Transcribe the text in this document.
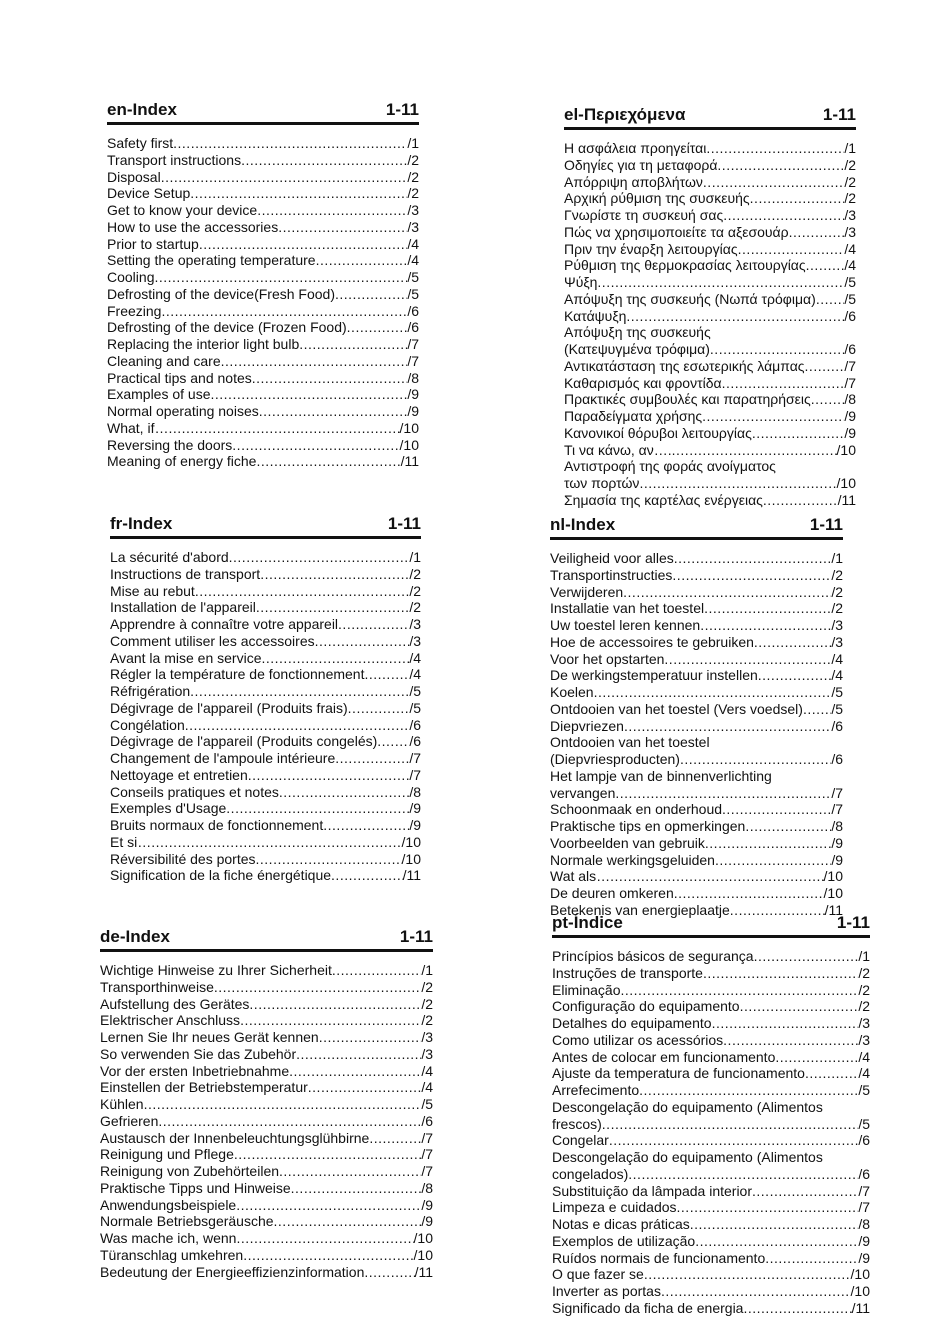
en-Index	1-11
Safety first .....	/1
Transport instructions .....	/2
Disposal .....	/2
Device Setup .....	/2
Get to know your device .....	/3
How to use the accessories .....	/3
Prior to startup .....	/4
Setting the operating temperature .....	/4
Cooling .....	/5
Defrosting of the device(Fresh Food) .....	/5
Freezing .....	/6
Defrosting of the device (Frozen Food) .....	/6
Replacing the interior light bulb .....	/7
Cleaning and care .....	/7
Practical tips and notes .....	/8
Examples of use .....	/9
Normal operating noises .....	/9
What, if… .....	/10
Reversing the doors .....	/10
Meaning of energy fiche .....	/11
el-Περιεχόμενα	1-11
Η ασφάλεια προηγείται .....	/1
Οδηγίες για τη μεταφορά .....	/2
Απόρριψη αποβλήτων .....	/2
Αρχική ρύθμιση της συσκευής .....	/2
Γνωρίστε τη συσκευή σας .....	/3
Πώς να χρησιμοποιείτε τα αξεσουάρ .....	/3
Πριν την έναρξη λειτουργίας .....	/4
Ρύθμιση της θερμοκρασίας λειτουργίας .....	/4
Ψύξη .....	/5
Απόψυξη της συσκευής (Νωπά τρόφιμα) ..... /5
Κατάψυξη .....	/6
Απόψυξη της συσκευής
(Κατεψυγμένα τρόφιμα) .....	/6
Αντικατάσταση της εσωτερικής λάμπας .....	/7
Καθαρισμός και φροντίδα .....	/7
Πρακτικές συμβουλές και παρατηρήσεις ..... /8
Παραδείγματα χρήσης .....	/9
Κανονικοί θόρυβοι λειτουργίας .....	/9
Τι να κάνω, αν…. .....	/10
Αντιστροφή της φοράς ανοίγματος
των πορτών .....	/10
Σημασία της καρτέλας ενέργειας .....	/11
fr-Index	1-11
La sécurité d'abord .....	/1
Instructions de transport .....	/2
Mise au rebut .....	/2
Installation de l'appareil .....	/2
Apprendre à connaître votre appareil .....	/3
Comment utiliser les accessoires .....	/3
Avant la mise en service .....	/4
Régler la température de fonctionnement .....	/4
Réfrigération .....	/5
Dégivrage de l'appareil (Produits frais) .....	/5
Congélation .....	/6
Dégivrage de l'appareil (Produits congelés) ..... /6
Changement de l'ampoule intérieure .....	/7
Nettoyage et entretien .....	/7
Conseils pratiques et notes .....	/8
Exemples d'Usage .....	/9
Bruits normaux de fonctionnement .....	/9
Et si… .....	/10
Réversibilité des portes .....	/10
Signification de la fiche énergétique .....	/11
nl-Index	1-11
Veiligheid voor alles .....	/1
Transportinstructies .....	/2
Verwijderen .....	/2
Installatie van het toestel .....	/2
Uw toestel leren kennen .....	/3
Hoe de accessoires te gebruiken .....	/3
Voor het opstarten .....	/4
De werkingstemperatuur instellen .....	/4
Koelen .....	/5
Ontdooien van het toestel (Vers voedsel) ..... /5
Diepvriezen .....	/6
Ontdooien van het toestel
(Diepvriesproducten) .....	/6
Het lampje van de binnenverlichting
vervangen .....	/7
Schoonmaak en onderhoud .....	/7
Praktische tips en opmerkingen .....	/8
Voorbeelden van gebruik .....	/9
Normale werkingsgeluiden .....	/9
Wat als… .....	/10
De deuren omkeren .....	/10
Betekenis van energieplaatje .....	/11
de-Index	1-11
Wichtige Hinweise zu Ihrer Sicherheit .....	/1
Transporthinweise .....	/2
Aufstellung des Gerätes .....	/2
Elektrischer Anschluss .....	/2
Lernen Sie Ihr neues Gerät kennen .....	/3
So verwenden Sie das Zubehör .....	/3
Vor der ersten Inbetriebnahme .....	/4
Einstellen der Betriebstemperatur .....	/4
Kühlen .....	/5
Gefrieren .....	/6
Austausch der Innenbeleuchtungsglühbirne .....	/7
Reinigung und Pflege .....	/7
Reinigung von Zubehörteilen .....	/7
Praktische Tipps und Hinweise .....	/8
Anwendungsbeispiele .....	/9
Normale Betriebsgeräusche .....	/9
Was mache ich, wenn .....	/10
Türanschlag umkehren .....	/10
Bedeutung der Energieeffizienzinformation .....	/11
pt-Índice	1-11
Princípios básicos de segurança .....	/1
Instruções de transporte .....	/2
Eliminação .....	/2
Configuração do equipamento .....	/2
Detalhes do equipamento .....	/3
Como utilizar os acessórios .....	/3
Antes de colocar em funcionamento .....	/4
Ajuste da temperatura de funcionamento .....	/4
Arrefecimento .....	/5
Descongelação do equipamento (Alimentos
frescos) .....	/5
Congelar .....	/6
Descongelação do equipamento (Alimentos
congelados) .....	/6
Substituição da lâmpada interior .....	/7
Limpeza e cuidados .....	/7
Notas e dicas práticas .....	/8
Exemplos de utilização .....	/9
Ruídos normais de funcionamento .....	/9
O que fazer se .....	/10
Inverter as portas .....	/10
Significado da ficha de energia .....	/11
